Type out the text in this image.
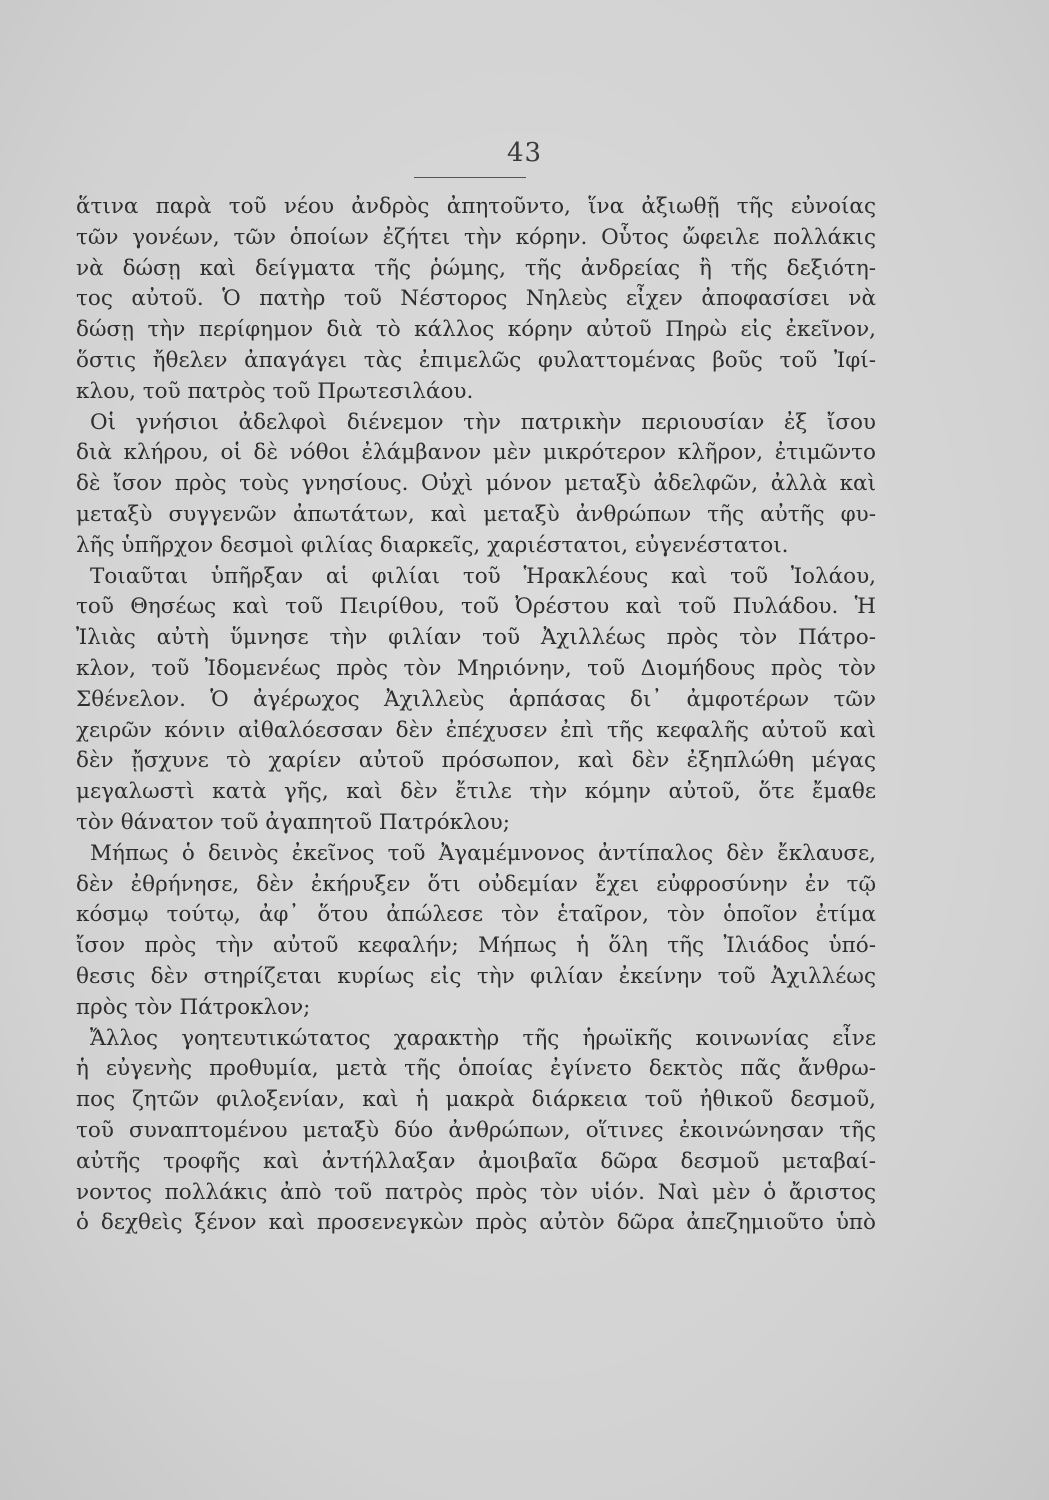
43
ἅτινα παρὰ τοῦ νέου ἀνδρὸς ἀπητοῦντο, ἵνα ἀξιωθῇ τῆς εὐνοίας
τῶν γονέων, τῶν ὁποίων ἐζήτει τὴν κόρην. Οὗτος ὤφειλε πολλάκις
νὰ δώσῃ καὶ δείγματα τῆς ῥώμης, τῆς ἀνδρείας ἢ τῆς δεξιότη-
τος αὐτοῦ. Ὁ πατὴρ τοῦ Νέστορος Νηλεὺς εἶχεν ἀποφασίσει νὰ
δώσῃ τὴν περίφημον διὰ τὸ κάλλος κόρην αὐτοῦ Πηρὼ εἰς ἐκεῖνον,
ὅστις ἤθελεν ἀπαγάγει τὰς ἐπιμελῶς φυλαττομένας βοῦς τοῦ Ἰφί-
κλου, τοῦ πατρὸς τοῦ Πρωτεσιλάου.
Οἱ γνήσιοι ἀδελφοὶ διένεμον τὴν πατρικὴν περιουσίαν ἐξ ἴσου
διὰ κλήρου, οἱ δὲ νόθοι ἐλάμβανον μὲν μικρότερον κλῆρον, ἐτιμῶντο
δὲ ἴσον πρὸς τοὺς γνησίους. Οὐχὶ μόνον μεταξὺ ἀδελφῶν, ἀλλὰ καὶ
μεταξὺ συγγενῶν ἀπωτάτων, καὶ μεταξὺ ἀνθρώπων τῆς αὐτῆς φυ-
λῆς ὑπῆρχον δεσμοὶ φιλίας διαρκεῖς, χαριέστατοι, εὐγενέστατοι.
Τοιαῦται ὑπῆρξαν αἱ φιλίαι τοῦ Ἡρακλέους καὶ τοῦ Ἰολάου,
τοῦ Θησέως καὶ τοῦ Πειρίθου, τοῦ Ὀρέστου καὶ τοῦ Πυλάδου. Ἡ
Ἰλιὰς αὐτὴ ὕμνησε τὴν φιλίαν τοῦ Ἀχιλλέως πρὸς τὸν Πάτρο-
κλον, τοῦ Ἰδομενέως πρὸς τὸν Μηριόνην, τοῦ Διομήδους πρὸς τὸν
Σθένελον. Ὁ ἀγέρωχος Ἀχιλλεὺς ἁρπάσας δι᾽ ἀμφοτέρων τῶν
χειρῶν κόνιν αἰθαλόεσσαν δὲν ἐπέχυσεν ἐπὶ τῆς κεφαλῆς αὐτοῦ καὶ
δὲν ᾔσχυνε τὸ χαρίεν αὐτοῦ πρόσωπον, καὶ δὲν ἐξηπλώθη μέγας
μεγαλωστὶ κατὰ γῆς, καὶ δὲν ἔτιλε τὴν κόμην αὐτοῦ, ὅτε ἔμαθε
τὸν θάνατον τοῦ ἀγαπητοῦ Πατρόκλου;
Μήπως ὁ δεινὸς ἐκεῖνος τοῦ Ἀγαμέμνονος ἀντίπαλος δὲν ἔκλαυσε,
δὲν ἐθρήνησε, δὲν ἐκήρυξεν ὅτι οὐδεμίαν ἔχει εὐφροσύνην ἐν τῷ
κόσμῳ τούτῳ, ἀφ᾽ ὅτου ἀπώλεσε τὸν ἑταῖρον, τὸν ὁποῖον ἐτίμα
ἴσον πρὸς τὴν αὐτοῦ κεφαλήν; Μήπως ἡ ὅλη τῆς Ἰλιάδος ὑπό-
θεσις δὲν στηρίζεται κυρίως εἰς τὴν φιλίαν ἐκείνην τοῦ Ἀχιλλέως
πρὸς τὸν Πάτροκλον;
Ἄλλος γοητευτικώτατος χαρακτὴρ τῆς ἡρωϊκῆς κοινωνίας εἶνε
ἡ εὐγενὴς προθυμία, μετὰ τῆς ὁποίας ἐγίνετο δεκτὸς πᾶς ἄνθρω-
πος ζητῶν φιλοξενίαν, καὶ ἡ μακρὰ διάρκεια τοῦ ἠθικοῦ δεσμοῦ,
τοῦ συναπτομένου μεταξὺ δύο ἀνθρώπων, οἵτινες ἐκοινώνησαν τῆς
αὐτῆς τροφῆς καὶ ἀντήλλαξαν ἀμοιβαῖα δῶρα δεσμοῦ μεταβαί-
νοντος πολλάκις ἀπὸ τοῦ πατρὸς πρὸς τὸν υἱόν. Ναὶ μὲν ὁ ἄριστος
ὁ δεχθεὶς ξένον καὶ προσενεγκὼν πρὸς αὐτὸν δῶρα ἀπεζημιοῦτο ὑπὸ
